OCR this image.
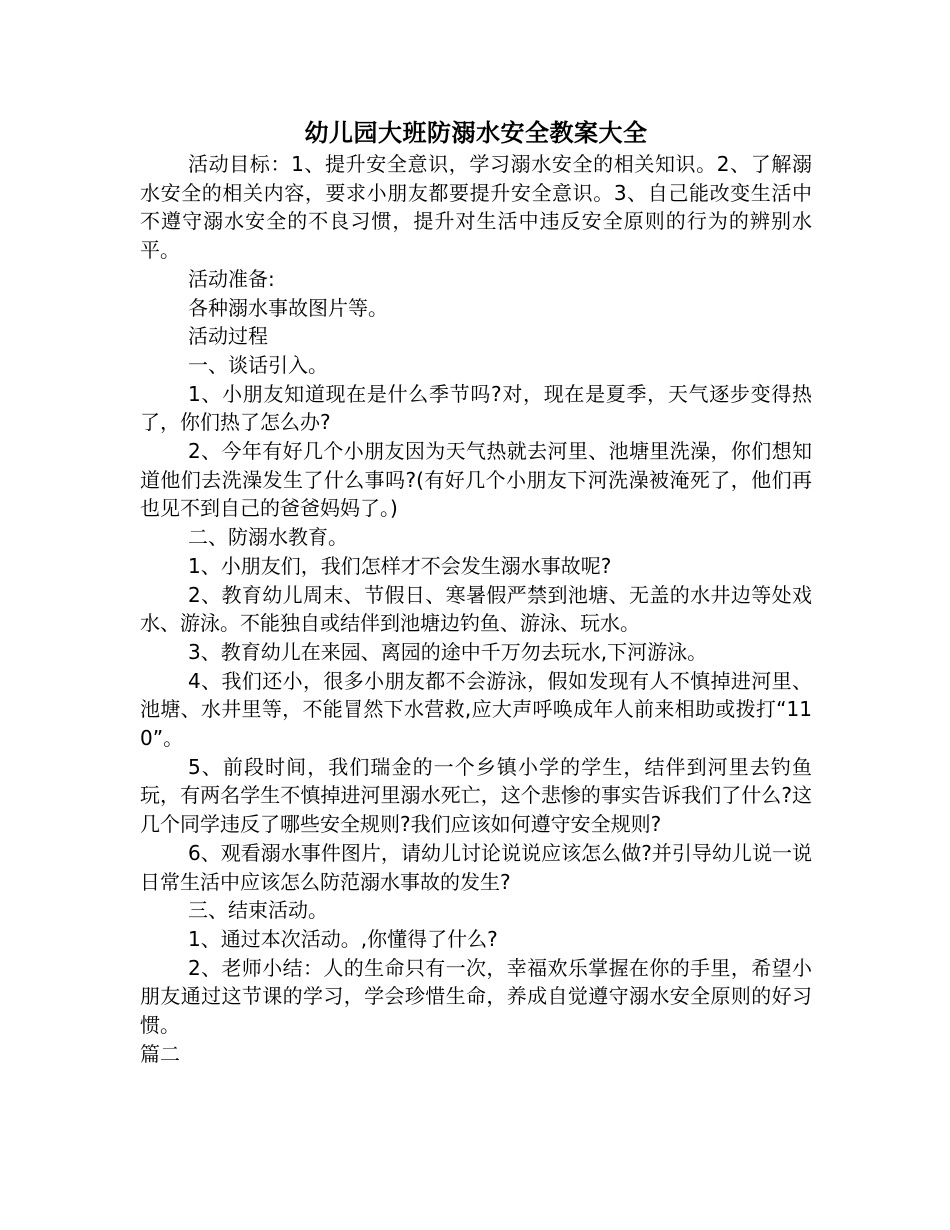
幼儿园大班防溺水安全教案大全

活动目标：1、提升安全意识，学习溺水安全的相关知识。2、了解溺水安全的相关内容，要求小朋友都要提升安全意识。3、自己能改变生活中不遵守溺水安全的不良习惯，提升对生活中违反安全原则的行为的辨别水平。

活动准备:

各种溺水事故图片等。

活动过程

一、谈话引入。

1、小朋友知道现在是什么季节吗?对，现在是夏季，天气逐步变得热了，你们热了怎么办?

2、今年有好几个小朋友因为天气热就去河里、池塘里洗澡，你们想知道他们去洗澡发生了什么事吗?(有好几个小朋友下河洗澡被淹死了，他们再也见不到自己的爸爸妈妈了。)

二、防溺水教育。

1、小朋友们，我们怎样才不会发生溺水事故呢?

2、教育幼儿周末、节假日、寒暑假严禁到池塘、无盖的水井边等处戏水、游泳。不能独自或结伴到池塘边钓鱼、游泳、玩水。

3、教育幼儿在来园、离园的途中千万勿去玩水,下河游泳。

4、我们还小，很多小朋友都不会游泳，假如发现有人不慎掉进河里、池塘、水井里等，不能冒然下水营救,应大声呼唤成年人前来相助或拨打“110”。

5、前段时间，我们瑞金的一个乡镇小学的学生，结伴到河里去钓鱼玩，有两名学生不慎掉进河里溺水死亡，这个悲惨的事实告诉我们了什么?这几个同学违反了哪些安全规则?我们应该如何遵守安全规则?

6、观看溺水事件图片，请幼儿讨论说说应该怎么做?并引导幼儿说一说日常生活中应该怎么防范溺水事故的发生?

三、结束活动。

1、通过本次活动。,你懂得了什么?

2、老师小结：人的生命只有一次，幸福欢乐掌握在你的手里，希望小朋友通过这节课的学习，学会珍惜生命，养成自觉遵守溺水安全原则的好习惯。

篇二
